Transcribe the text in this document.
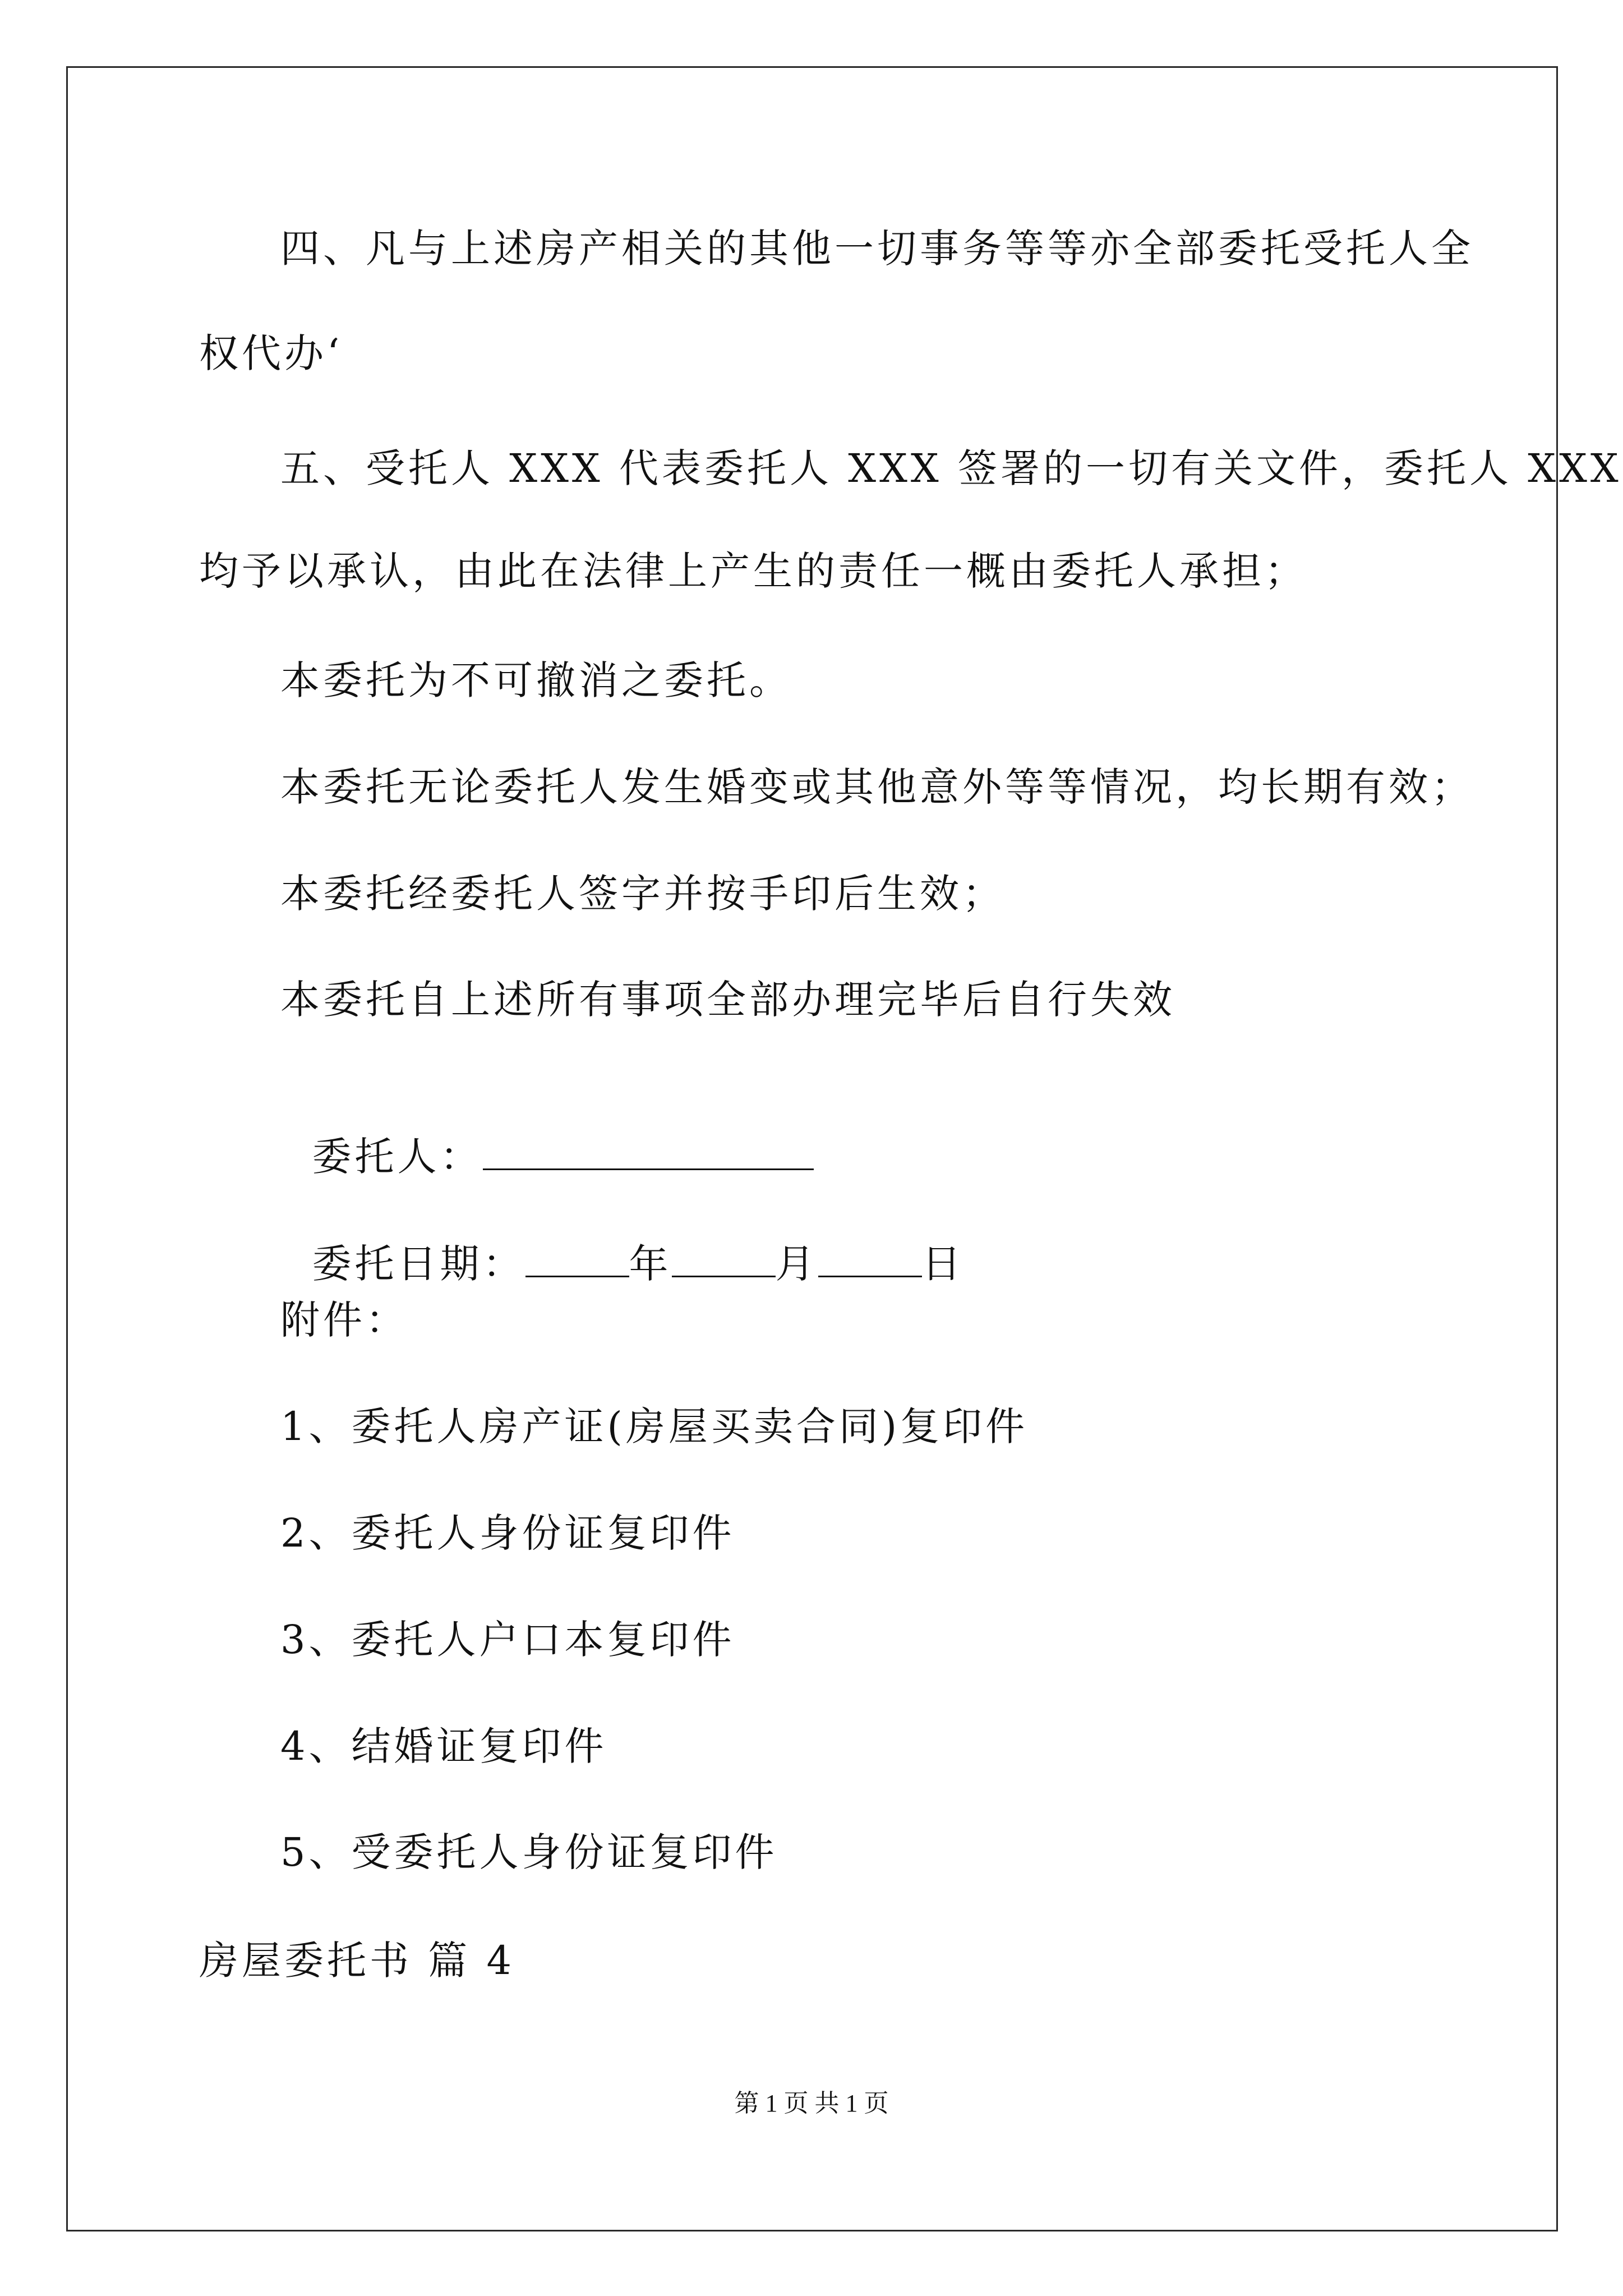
四、凡与上述房产相关的其他一切事务等等亦全部委托受托人全
权代办‘
五、受托人 XXX 代表委托人 XXX 签署的一切有关文件，委托人 XXX
均予以承认，由此在法律上产生的责任一概由委托人承担；
本委托为不可撤消之委托。
本委托无论委托人发生婚变或其他意外等等情况，均长期有效；
本委托经委托人签字并按手印后生效；
本委托自上述所有事项全部办理完毕后自行失效

委托人：

委托日期：	年	月	日

附件：
1、委托人房产证(房屋买卖合同)复印件
2、委托人身份证复印件
3、委托人户口本复印件
4、结婚证复印件
5、受委托人身份证复印件
房屋委托书 篇 4
第 1 页 共 1 页
